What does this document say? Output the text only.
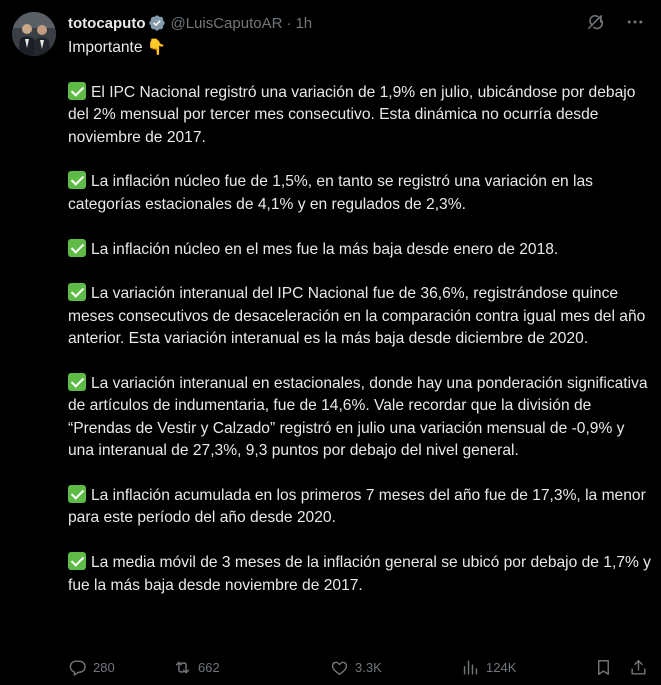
totocaputo @LuisCaputoAR · 1h

Importante 👇

El IPC Nacional registró una variación de 1,9% en julio, ubicándose por debajo del 2% mensual por tercer mes consecutivo. Esta dinámica no ocurría desde noviembre de 2017.

La inflación núcleo fue de 1,5%, en tanto se registró una variación en las categorías estacionales de 4,1% y en regulados de 2,3%.

La inflación núcleo en el mes fue la más baja desde enero de 2018.

La variación interanual del IPC Nacional fue de 36,6%, registrándose quince meses consecutivos de desaceleración en la comparación contra igual mes del año anterior. Esta variación interanual es la más baja desde diciembre de 2020.

La variación interanual en estacionales, donde hay una ponderación significativa de artículos de indumentaria, fue de 14,6%. Vale recordar que la división de “Prendas de Vestir y Calzado” registró en julio una variación mensual de -0,9% y una interanual de 27,3%, 9,3 puntos por debajo del nivel general.

La inflación acumulada en los primeros 7 meses del año fue de 17,3%, la menor para este período del año desde 2020.

La media móvil de 3 meses de la inflación general se ubicó por debajo de 1,7% y fue la más baja desde noviembre de 2017.

280	662	3.3K	124K
